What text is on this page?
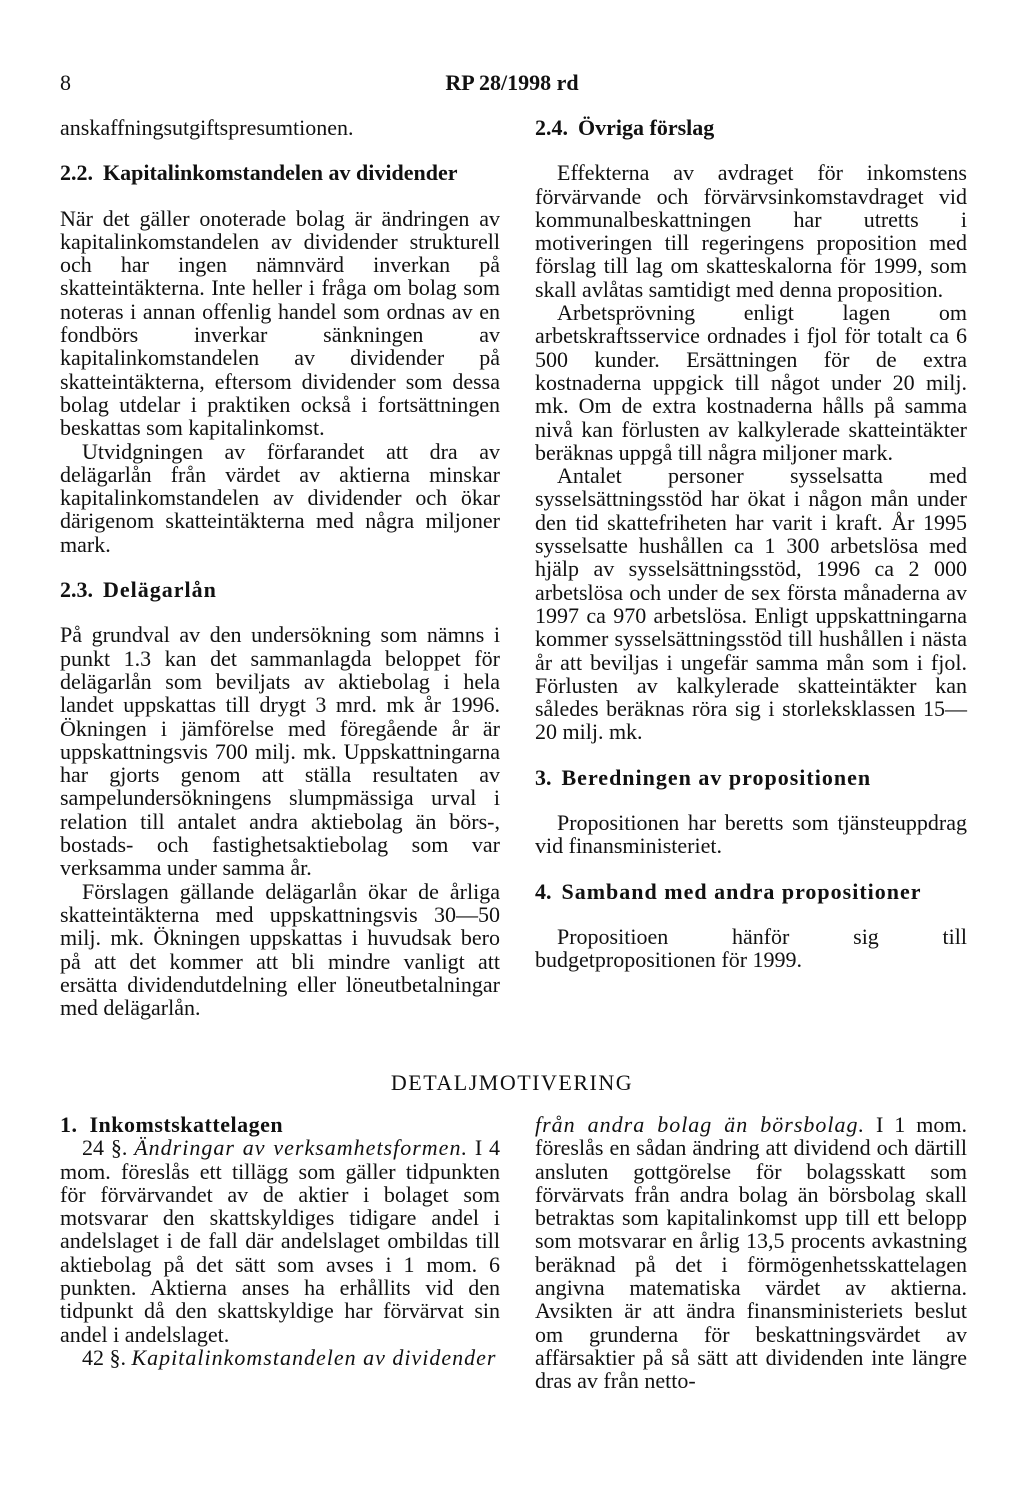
8	RP 28/1998 rd

anskaffningsutgiftspresumtionen.

2.2. Kapitalinkomstandelen av dividender

När det gäller onoterade bolag är ändringen av kapitalinkomstandelen av dividender strukturell och har ingen nämnvärd inverkan på skatteintäkterna. Inte heller i fråga om bolag som noteras i annan offenlig handel som ordnas av en fondbörs inverkar sänkningen av kapitalinkomstandelen av dividender på skatteintäkterna, eftersom dividender som dessa bolag utdelar i praktiken också i fortsättningen beskattas som kapitalinkomst.

Utvidgningen av förfarandet att dra av delägarlån från värdet av aktierna minskar kapitalinkomstandelen av dividender och ökar därigenom skatteintäkterna med några miljoner mark.

2.3. Delägarlån

På grundval av den undersökning som nämns i punkt 1.3 kan det sammanlagda beloppet för delägarlån som beviljats av aktiebolag i hela landet uppskattas till drygt 3 mrd. mk år 1996. Ökningen i jämförelse med föregående år är uppskattningsvis 700 milj. mk. Uppskattningarna har gjorts genom att ställa resultaten av sampelundersökningens slumpmässiga urval i relation till antalet andra aktiebolag än börs-, bostads- och fastighetsaktiebolag som var verksamma under samma år.

Förslagen gällande delägarlån ökar de årliga skatteintäkterna med uppskattningsvis 30—50 milj. mk. Ökningen uppskattas i huvudsak bero på att det kommer att bli mindre vanligt att ersätta dividendutdelning eller löneutbetalningar med delägarlån.

2.4. Övriga förslag

Effekterna av avdraget för inkomstens förvärvande och förvärvsinkomstavdraget vid kommunalbeskattningen har utretts i motiveringen till regeringens proposition med förslag till lag om skatteskalorna för 1999, som skall avlåtas samtidigt med denna proposition.

Arbetsprövning enligt lagen om arbetskraftsservice ordnades i fjol för totalt ca 6 500 kunder. Ersättningen för de extra kostnaderna uppgick till något under 20 milj. mk. Om de extra kostnaderna hålls på samma nivå kan förlusten av kalkylerade skatteintäkter beräknas uppgå till några miljoner mark.

Antalet personer sysselsatta med sysselsättningsstöd har ökat i någon mån under den tid skattefriheten har varit i kraft. År 1995 sysselsatte hushållen ca 1 300 arbetslösa med hjälp av sysselsättningsstöd, 1996 ca 2 000 arbetslösa och under de sex första månaderna av 1997 ca 970 arbetslösa. Enligt uppskattningarna kommer sysselsättningsstöd till hushållen i nästa år att beviljas i ungefär samma mån som i fjol. Förlusten av kalkylerade skatteintäkter kan således beräknas röra sig i storleksklassen 15—20 milj. mk.

3. Beredningen av propositionen

Propositionen har beretts som tjänsteuppdrag vid finansministeriet.

4. Samband med andra propositioner

Propositioen hänför sig till budgetpropositionen för 1999.

DETALJMOTIVERING

1. Inkomstskattelagen

24 §. Ändringar av verksamhetsformen. I 4 mom. föreslås ett tillägg som gäller tidpunkten för förvärvandet av de aktier i bolaget som motsvarar den skattskyldiges tidigare andel i andelslaget i de fall där andelslaget ombildas till aktiebolag på det sätt som avses i 1 mom. 6 punkten. Aktierna anses ha erhållits vid den tidpunkt då den skattskyldige har förvärvat sin andel i andelslaget.

42 §. Kapitalinkomstandelen av dividender

från andra bolag än börsbolag. I 1 mom. föreslås en sådan ändring att dividend och därtill ansluten gottgörelse för bolagsskatt som förvärvats från andra bolag än börsbolag skall betraktas som kapitalinkomst upp till ett belopp som motsvarar en årlig 13,5 procents avkastning beräknad på det i förmögenhetsskattelagen angivna matematiska värdet av aktierna. Avsikten är att ändra finansministeriets beslut om grunderna för beskattningsvärdet av affärsaktier på så sätt att dividenden inte längre dras av från netto-
